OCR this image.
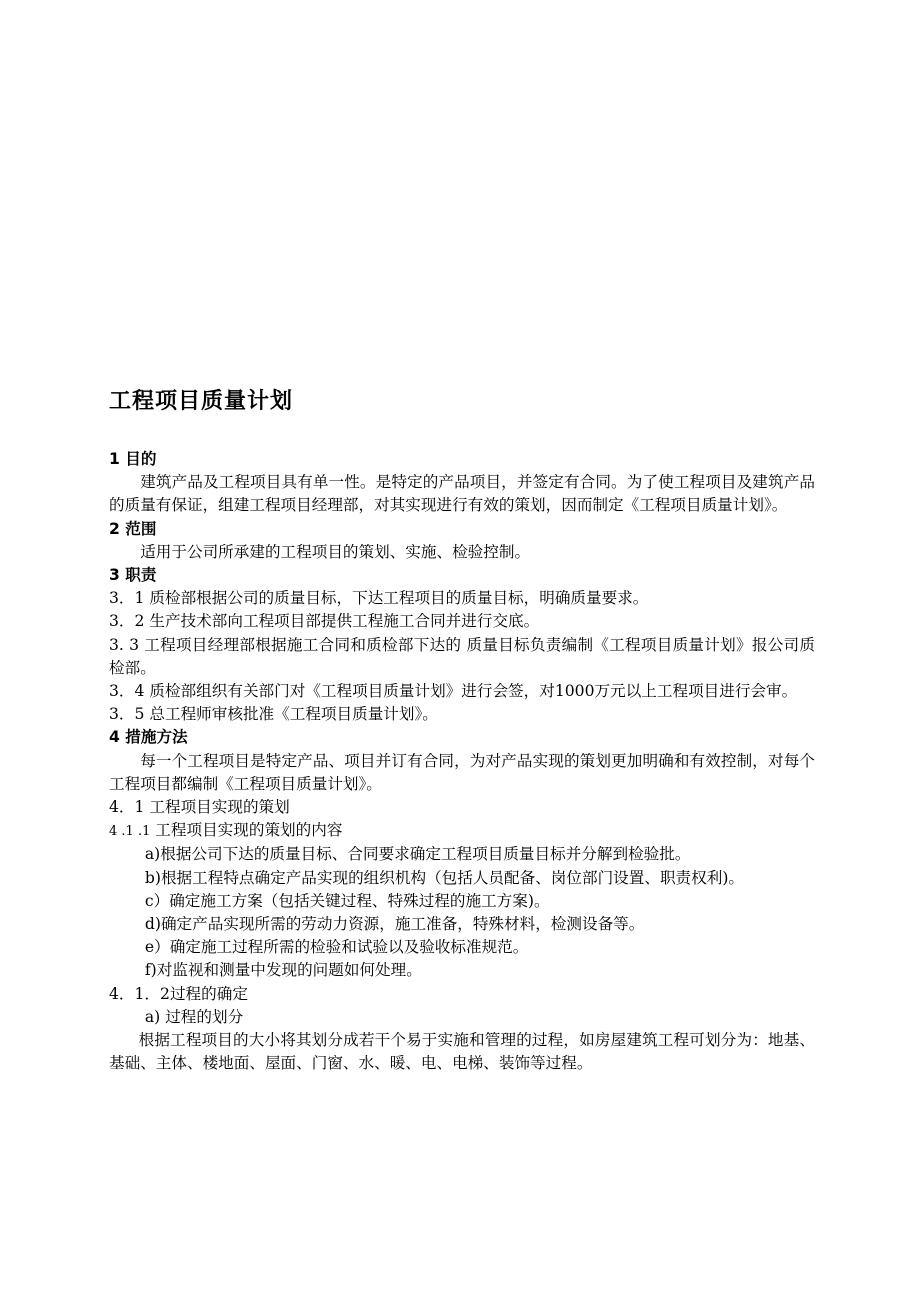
工程项目质量计划

1 目的

建筑产品及工程项目具有单一性。是特定的产品项目，并签定有合同。为了使工程项目及建筑产品的质量有保证，组建工程项目经理部，对其实现进行有效的策划，因而制定《工程项目质量计划》。

2 范围

适用于公司所承建的工程项目的策划、实施、检验控制。

3 职责

3．1 质检部根据公司的质量目标，下达工程项目的质量目标，明确质量要求。

3．2 生产技术部向工程项目部提供工程施工合同并进行交底。

3. 3 工程项目经理部根据施工合同和质检部下达的 质量目标负责编制《工程项目质量计划》报公司质检部。

3．4 质检部组织有关部门对《工程项目质量计划》进行会签，对1000万元以上工程项目进行会审。

3．5 总工程师审核批准《工程项目质量计划》。

4 措施方法

每一个工程项目是特定产品、项目并订有合同，为对产品实现的策划更加明确和有效控制，对每个工程项目都编制《工程项目质量计划》。

4．1 工程项目实现的策划

4 .1 .1 工程项目实现的策划的内容

a)根据公司下达的质量目标、合同要求确定工程项目质量目标并分解到检验批。

b)根据工程特点确定产品实现的组织机构（包括人员配备、岗位部门设置、职责权利)。

c）确定施工方案（包括关键过程、特殊过程的施工方案)。

d)确定产品实现所需的劳动力资源，施工准备，特殊材料，检测设备等。

e）确定施工过程所需的检验和试验以及验收标准规范。

f)对监视和测量中发现的问题如何处理。

4．1．2过程的确定

a) 过程的划分

根据工程项目的大小将其划分成若干个易于实施和管理的过程，如房屋建筑工程可划分为：地基、基础、主体、楼地面、屋面、门窗、水、暖、电、电梯、装饰等过程。
